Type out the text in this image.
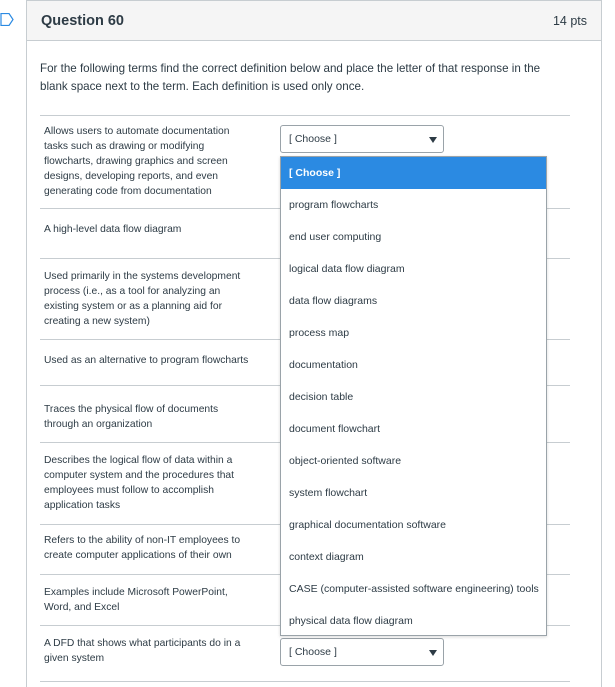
Question 60	14 pts

For the following terms find the correct definition below and place the letter of that response in the blank space next to the term. Each definition is used only once.

Allows users to automate documentation tasks such as drawing or modifying flowcharts, drawing graphics and screen designs, developing reports, and even generating code from documentation
A high-level data flow diagram
Used primarily in the systems development process (i.e., as a tool for analyzing an existing system or as a planning aid for creating a new system)
Used as an alternative to program flowcharts
Traces the physical flow of documents through an organization
Describes the logical flow of data within a computer system and the procedures that employees must follow to accomplish application tasks
Refers to the ability of non-IT employees to create computer applications of their own
Examples include Microsoft PowerPoint, Word, and Excel
A DFD that shows what participants do in a given system
[ Choose ]
[ Choose ]
[ Choose ]
program flowcharts
end user computing
logical data flow diagram
data flow diagrams
process map
documentation
decision table
document flowchart
object-oriented software
system flowchart
graphical documentation software
context diagram
CASE (computer-assisted software engineering) tools
physical data flow diagram
